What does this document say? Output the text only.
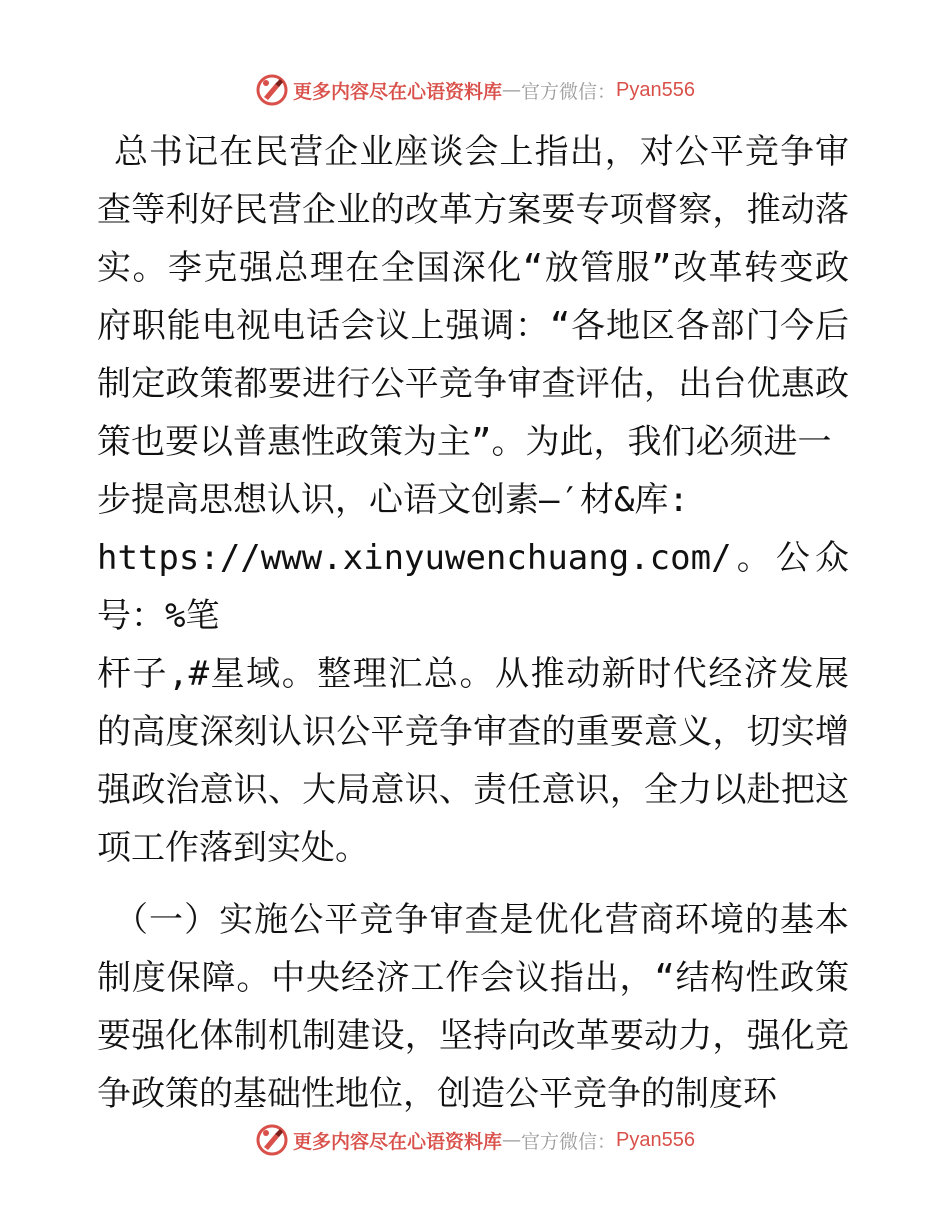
更多内容尽在心语资料库 — 官方微信： Pyan556
总书记在民营企业座谈会上指出，对公平竞争审查等利好民营企业的改革方案要专项督察，推动落实。李克强总理在全国深化“放管服”改革转变政府职能电视电话会议上强调：“各地区各部门今后制定政策都要进行公平竞争审查评估，出台优惠政策也要以普惠性政策为主”。为此，我们必须进一
步提高思想认识，心语文创素—′材&库:
https://www.xinyuwenchuang.com/。公众号：%笔
杆子,#星域。整理汇总。从推动新时代经济发展的高度深刻认识公平竞争审查的重要意义，切实增强政治意识、大局意识、责任意识，全力以赴把这项工作落到实处。
（一）实施公平竞争审查是优化营商环境的基本制度保障。中央经济工作会议指出，“结构性政策要强化体制机制建设，坚持向改革要动力，强化竞争政策的基础性地位，创造公平竞争的制度环
更多内容尽在心语资料库 — 官方微信： Pyan556
